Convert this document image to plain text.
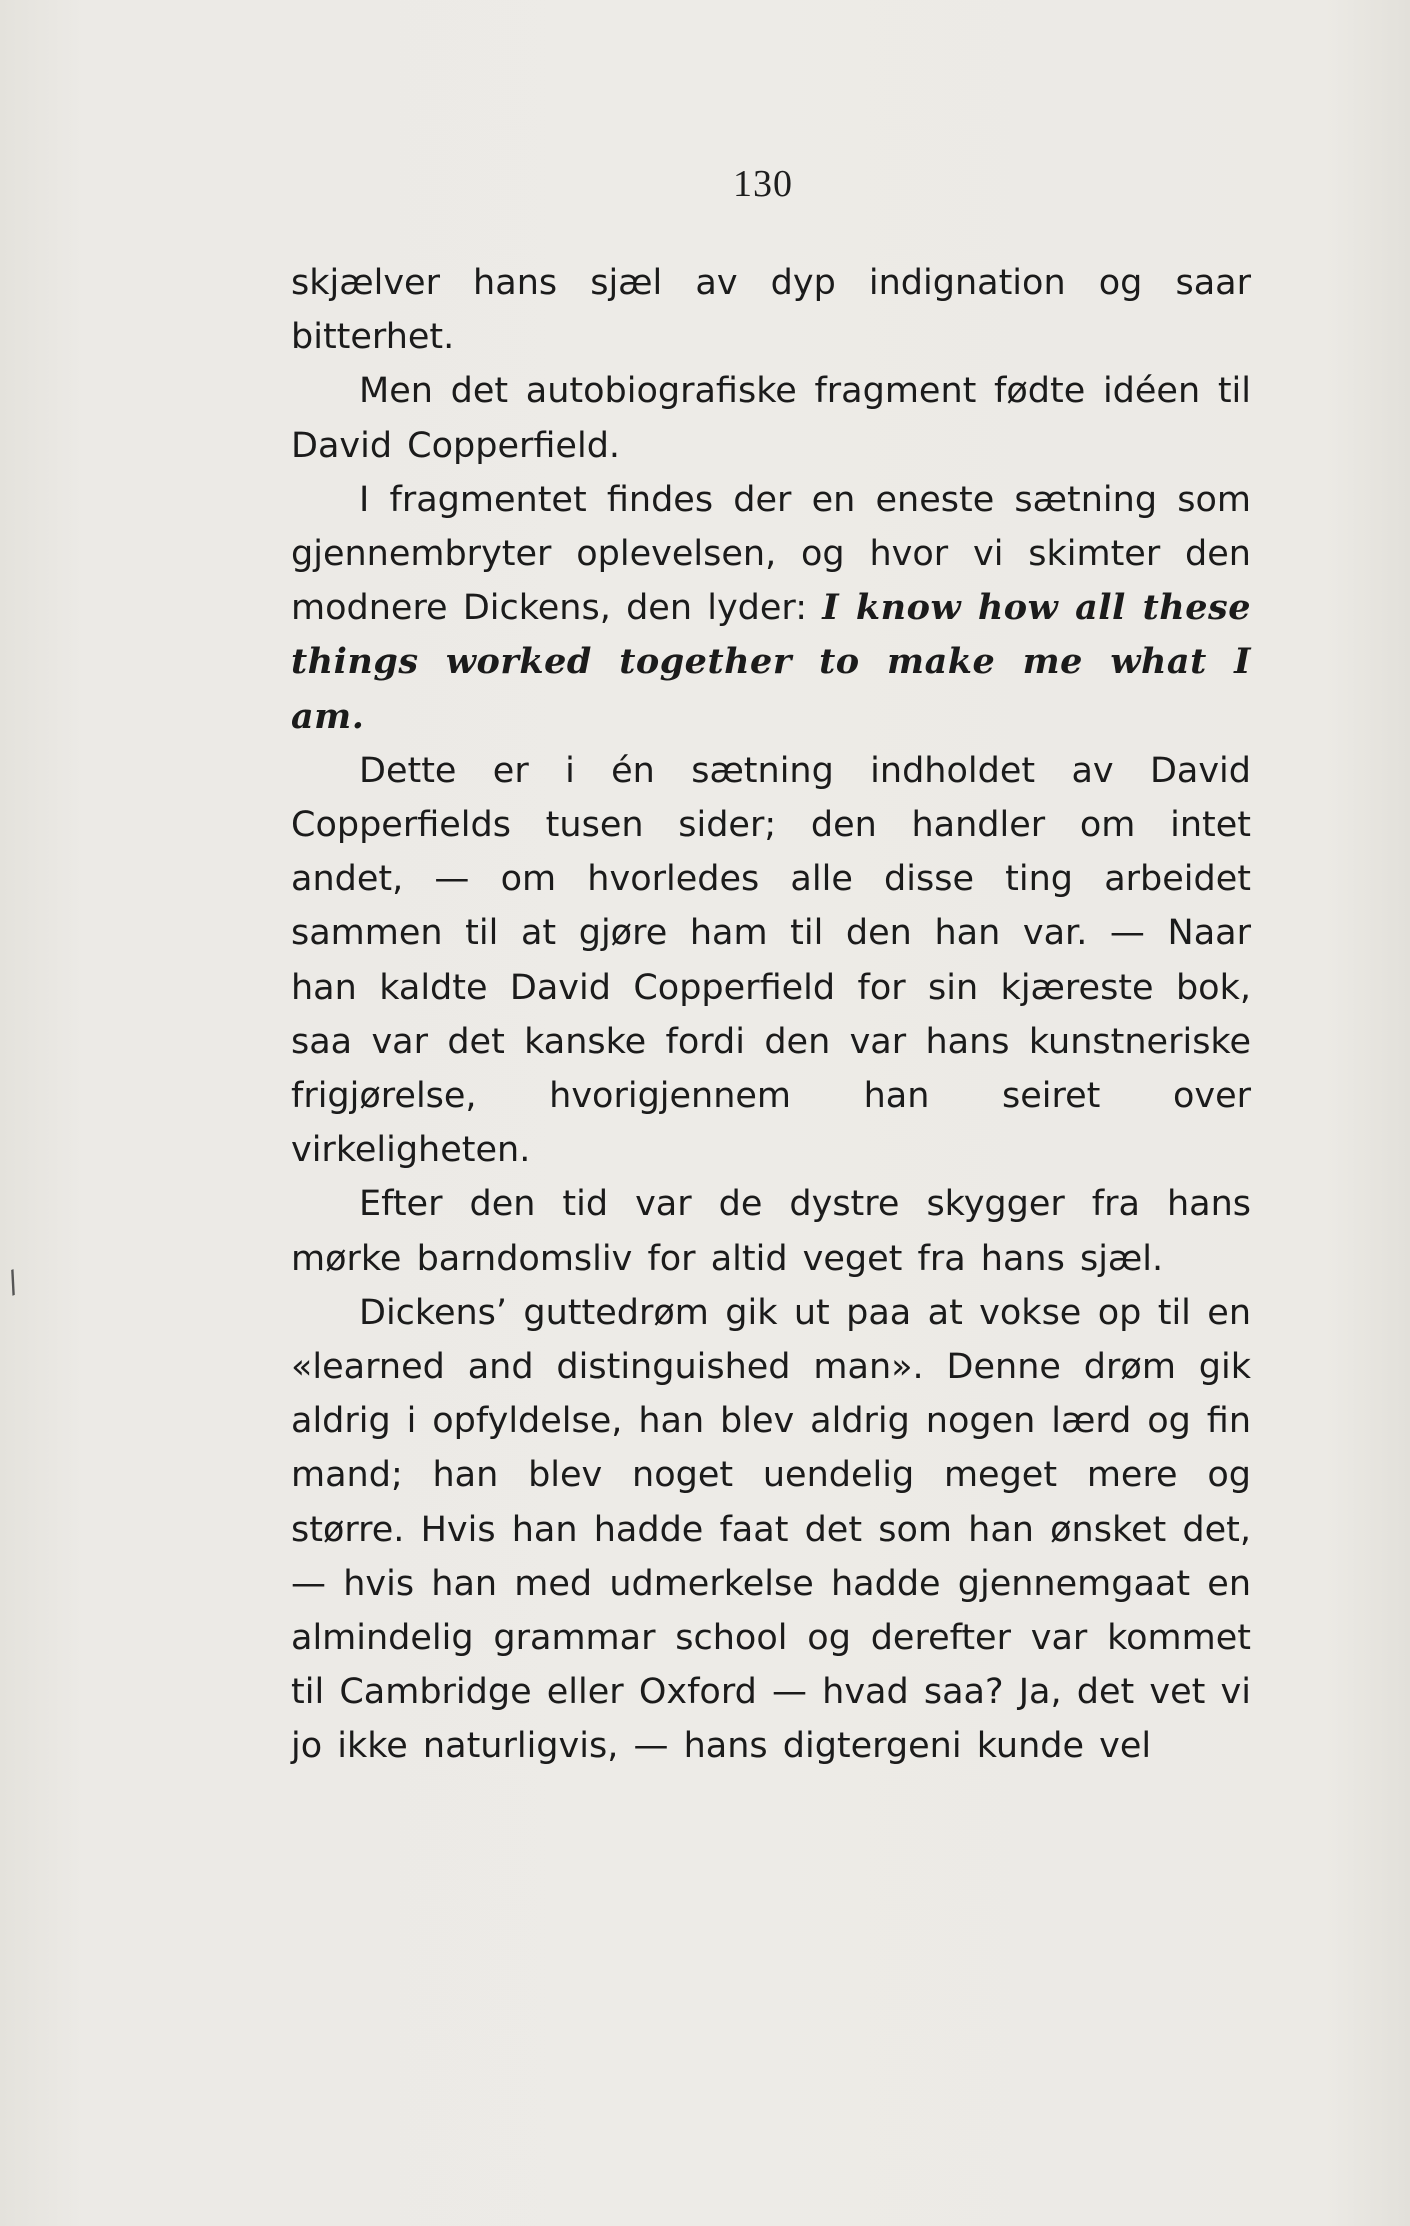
130

skjælver hans sjæl av dyp indignation og saar bitterhet.

Men det autobiografiske fragment fødte idéen til David Copperfield.

I fragmentet findes der en eneste sætning som gjennembryter oplevelsen, og hvor vi skimter den modnere Dickens, den lyder: I know how all these things worked together to make me what I am.

Dette er i én sætning indholdet av David Copperfields tusen sider; den handler om intet andet, — om hvorledes alle disse ting arbeidet sammen til at gjøre ham til den han var. — Naar han kaldte David Copperfield for sin kjæreste bok, saa var det kanske fordi den var hans kunstneriske frigjørelse, hvorigjennem han seiret over virkeligheten.

Efter den tid var de dystre skygger fra hans mørke barndomsliv for altid veget fra hans sjæl.

Dickens’ guttedrøm gik ut paa at vokse op til en «learned and distinguished man». Denne drøm gik aldrig i opfyldelse, han blev aldrig nogen lærd og fin mand; han blev noget uendelig meget mere og større. Hvis han hadde faat det som han ønsket det, — hvis han med udmerkelse hadde gjennemgaat en almindelig grammar school og derefter var kommet til Cambridge eller Oxford — hvad saa? Ja, det vet vi jo ikke naturligvis, — hans digtergeni kunde vel

/
